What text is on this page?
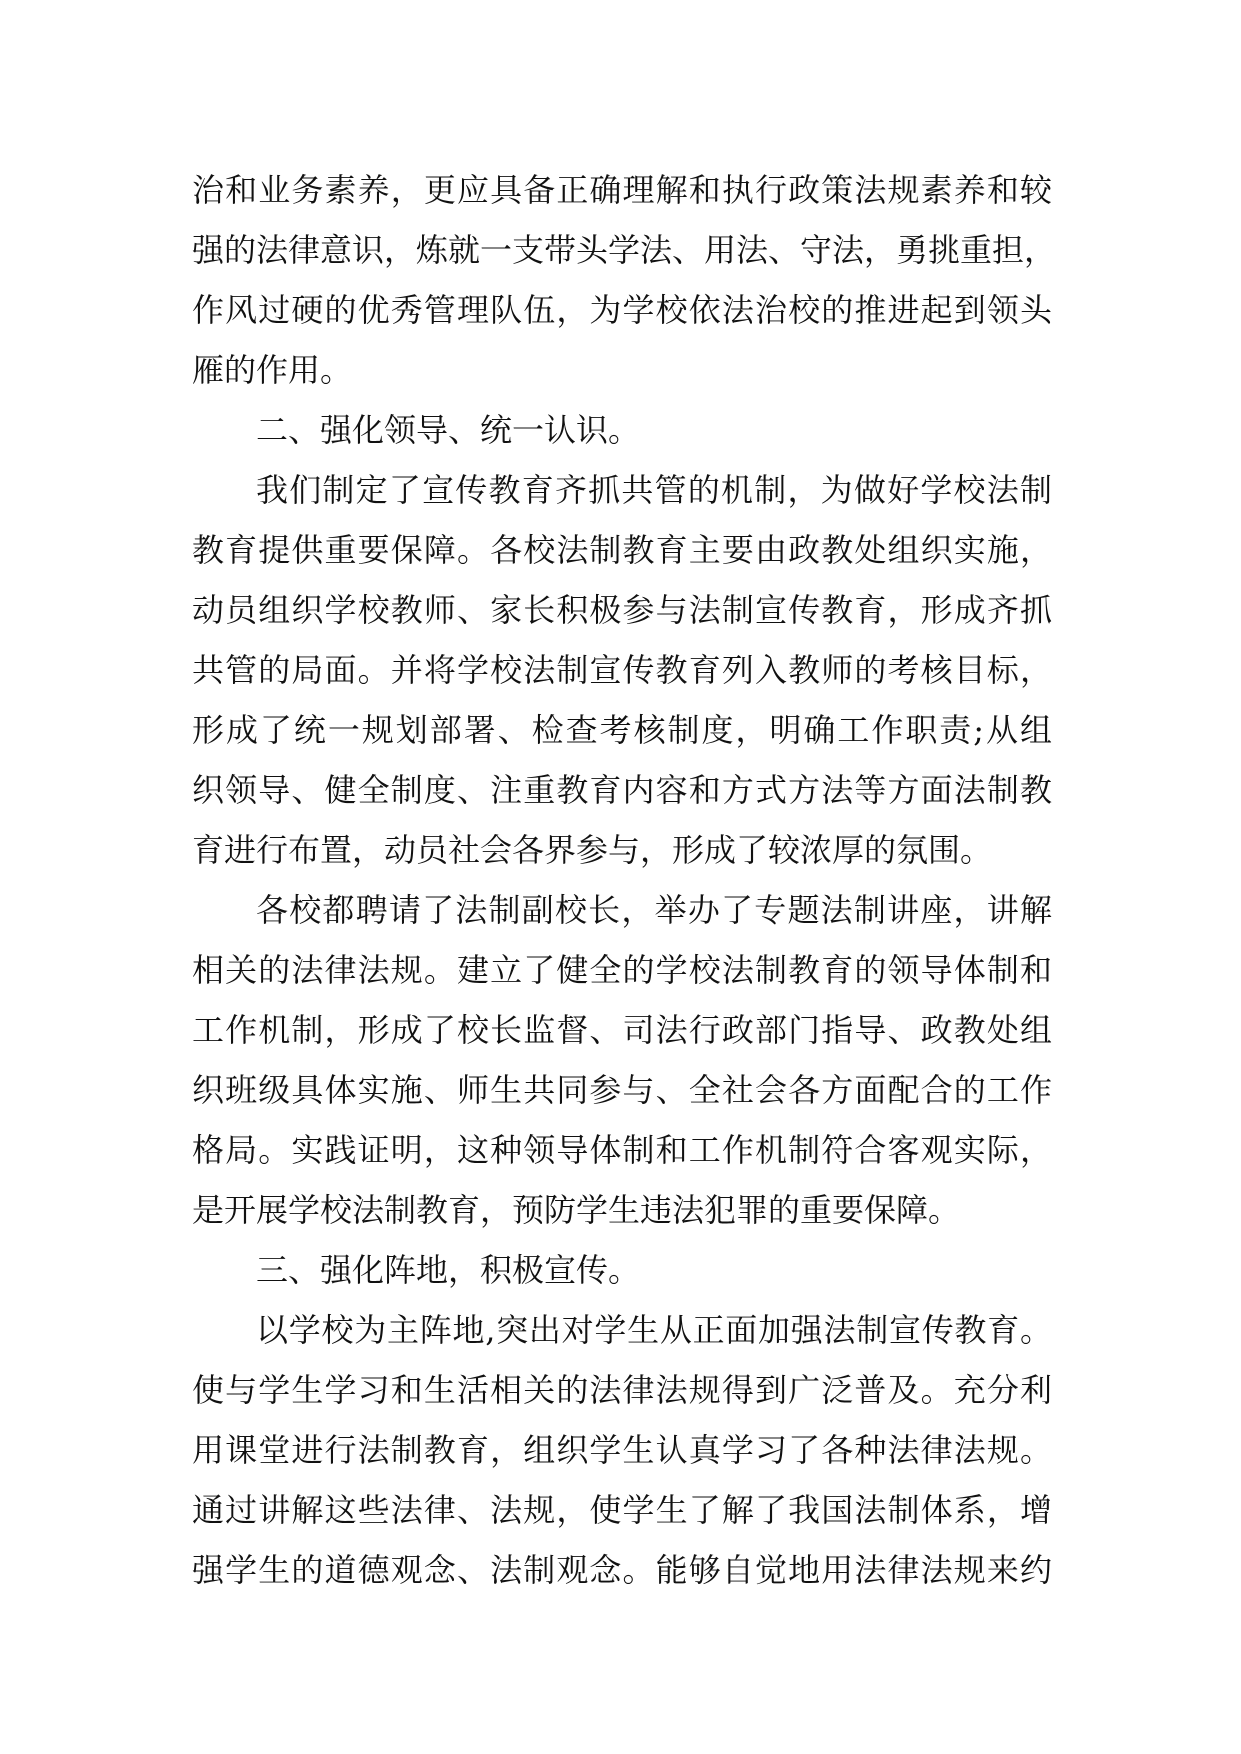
治和业务素养，更应具备正确理解和执行政策法规素养和较
强的法律意识，炼就一支带头学法、用法、守法，勇挑重担，
作风过硬的优秀管理队伍，为学校依法治校的推进起到领头
雁的作用。
二、强化领导、统一认识。
我们制定了宣传教育齐抓共管的机制，为做好学校法制
教育提供重要保障。各校法制教育主要由政教处组织实施，
动员组织学校教师、家长积极参与法制宣传教育，形成齐抓
共管的局面。并将学校法制宣传教育列入教师的考核目标，
形成了统一规划部署、检查考核制度，明确工作职责;从组
织领导、健全制度、注重教育内容和方式方法等方面法制教
育进行布置，动员社会各界参与，形成了较浓厚的氛围。
各校都聘请了法制副校长，举办了专题法制讲座，讲解
相关的法律法规。建立了健全的学校法制教育的领导体制和
工作机制，形成了校长监督、司法行政部门指导、政教处组
织班级具体实施、师生共同参与、全社会各方面配合的工作
格局。实践证明，这种领导体制和工作机制符合客观实际，
是开展学校法制教育，预防学生违法犯罪的重要保障。
三、强化阵地，积极宣传。
以学校为主阵地,突出对学生从正面加强法制宣传教育。
使与学生学习和生活相关的法律法规得到广泛普及。充分利
用课堂进行法制教育，组织学生认真学习了各种法律法规。
通过讲解这些法律、法规，使学生了解了我国法制体系，增
强学生的道德观念、法制观念。能够自觉地用法律法规来约
